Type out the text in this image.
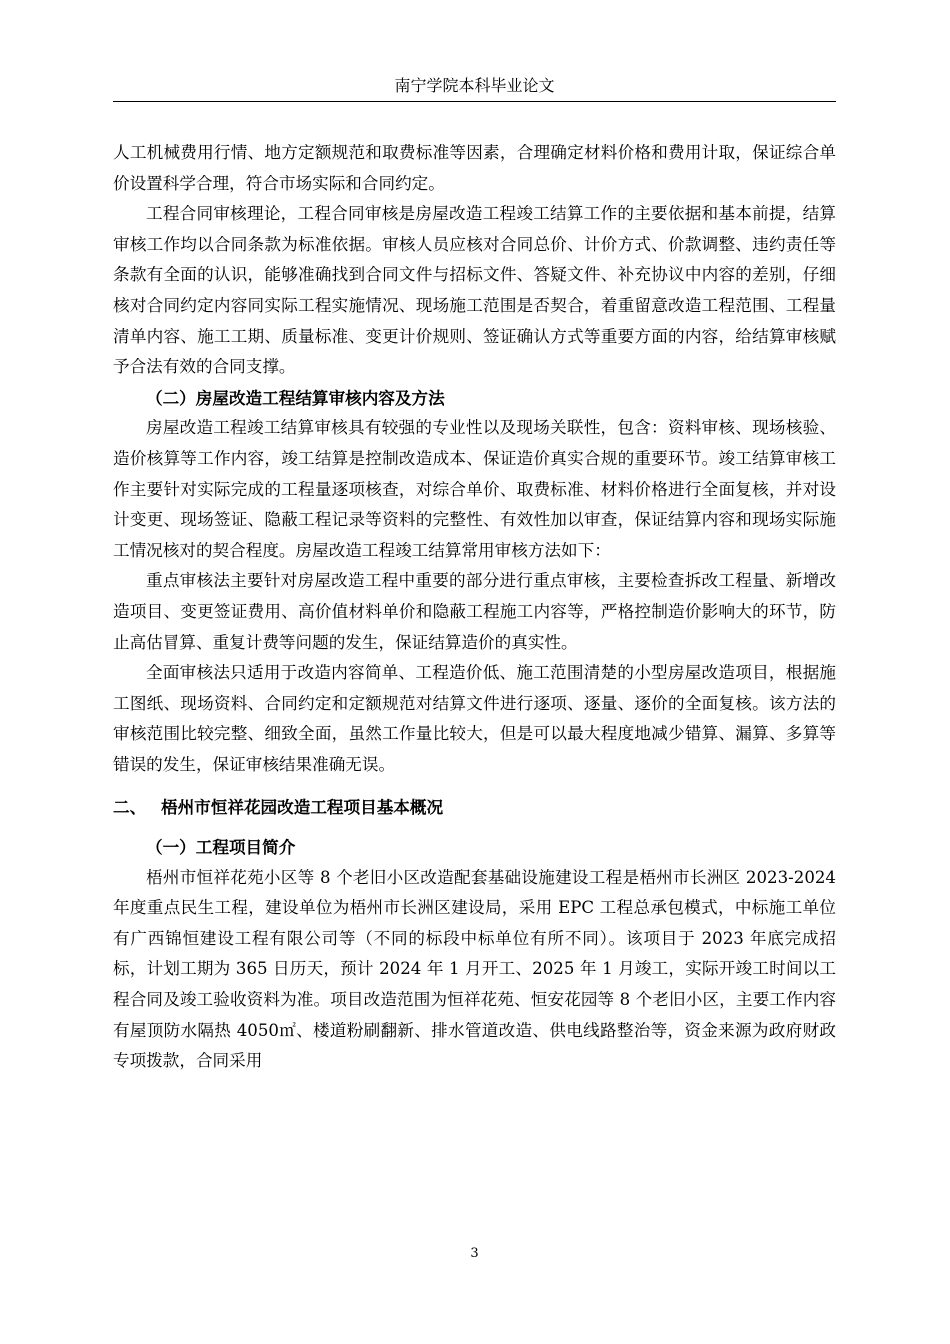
南宁学院本科毕业论文

人工机械费用行情、地方定额规范和取费标准等因素，合理确定材料价格和费用计取，保证综合单价设置科学合理，符合市场实际和合同约定。

工程合同审核理论，工程合同审核是房屋改造工程竣工结算工作的主要依据和基本前提，结算审核工作均以合同条款为标准依据。审核人员应核对合同总价、计价方式、价款调整、违约责任等条款有全面的认识，能够准确找到合同文件与招标文件、答疑文件、补充协议中内容的差别，仔细核对合同约定内容同实际工程实施情况、现场施工范围是否契合，着重留意改造工程范围、工程量清单内容、施工工期、质量标准、变更计价规则、签证确认方式等重要方面的内容，给结算审核赋予合法有效的合同支撑。

（二）房屋改造工程结算审核内容及方法

房屋改造工程竣工结算审核具有较强的专业性以及现场关联性，包含：资料审核、现场核验、造价核算等工作内容，竣工结算是控制改造成本、保证造价真实合规的重要环节。竣工结算审核工作主要针对实际完成的工程量逐项核查，对综合单价、取费标准、材料价格进行全面复核，并对设计变更、现场签证、隐蔽工程记录等资料的完整性、有效性加以审查，保证结算内容和现场实际施工情况核对的契合程度。房屋改造工程竣工结算常用审核方法如下：

重点审核法主要针对房屋改造工程中重要的部分进行重点审核，主要检查拆改工程量、新增改造项目、变更签证费用、高价值材料单价和隐蔽工程施工内容等，严格控制造价影响大的环节，防止高估冒算、重复计费等问题的发生，保证结算造价的真实性。

全面审核法只适用于改造内容简单、工程造价低、施工范围清楚的小型房屋改造项目，根据施工图纸、现场资料、合同约定和定额规范对结算文件进行逐项、逐量、逐价的全面复核。该方法的审核范围比较完整、细致全面，虽然工作量比较大，但是可以最大程度地减少错算、漏算、多算等错误的发生，保证审核结果准确无误。

二、 梧州市恒祥花园改造工程项目基本概况

（一）工程项目简介

梧州市恒祥花苑小区等 8 个老旧小区改造配套基础设施建设工程是梧州市长洲区 2023-2024 年度重点民生工程，建设单位为梧州市长洲区建设局，采用 EPC 工程总承包模式，中标施工单位有广西锦恒建设工程有限公司等（不同的标段中标单位有所不同）。该项目于 2023 年底完成招标，计划工期为 365 日历天，预计 2024 年 1 月开工、2025 年 1 月竣工，实际开竣工时间以工程合同及竣工验收资料为准。项目改造范围为恒祥花苑、恒安花园等 8 个老旧小区，主要工作内容有屋顶防水隔热 4050㎡、楼道粉刷翻新、排水管道改造、供电线路整治等，资金来源为政府财政专项拨款，合同采用

3
